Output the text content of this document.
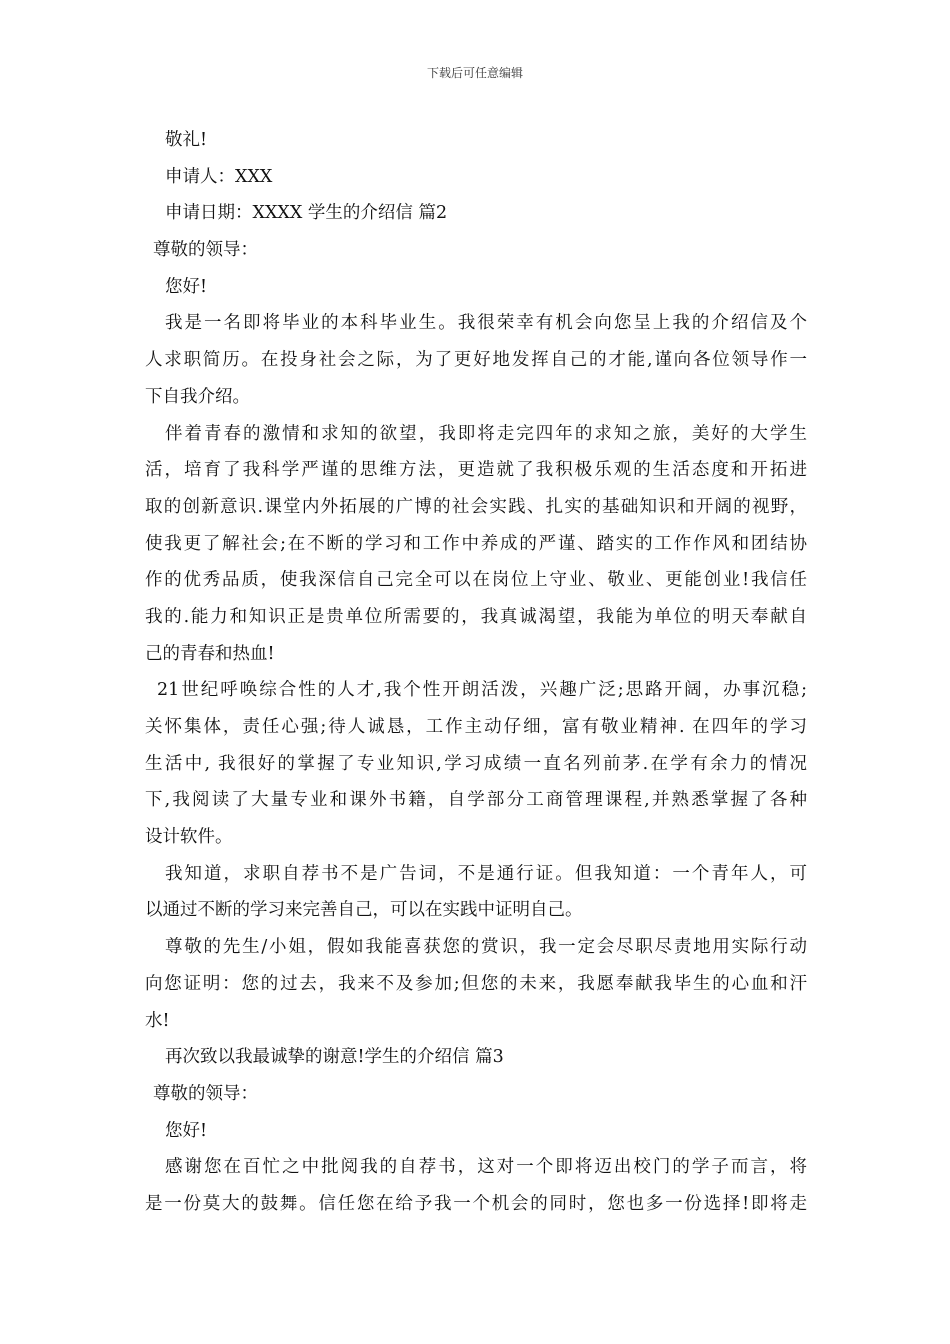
下载后可任意编辑
敬礼!
申请人：XXX
申请日期：XXXX 学生的介绍信 篇2
尊敬的领导：
您好!
我是一名即将毕业的本科毕业生。我很荣幸有机会向您呈上我的介绍信及个
人求职简历。在投身社会之际，为了更好地发挥自己的才能,谨向各位领导作一
下自我介绍。
伴着青春的激情和求知的欲望，我即将走完四年的求知之旅，美好的大学生
活，培育了我科学严谨的思维方法，更造就了我积极乐观的生活态度和开拓进
取的创新意识.课堂内外拓展的广博的社会实践、扎实的基础知识和开阔的视野，
使我更了解社会;在不断的学习和工作中养成的严谨、踏实的工作作风和团结协
作的优秀品质，使我深信自己完全可以在岗位上守业、敬业、更能创业!我信任
我的.能力和知识正是贵单位所需要的，我真诚渴望，我能为单位的明天奉献自
己的青春和热血!
21世纪呼唤综合性的人才,我个性开朗活泼，兴趣广泛;思路开阔，办事沉稳;
关怀集体，责任心强;待人诚恳，工作主动仔细，富有敬业精神. 在四年的学习
生活中, 我很好的掌握了专业知识,学习成绩一直名列前茅.在学有余力的情况
下,我阅读了大量专业和课外书籍，自学部分工商管理课程,并熟悉掌握了各种
设计软件。
我知道，求职自荐书不是广告词，不是通行证。但我知道：一个青年人，可
以通过不断的学习来完善自己，可以在实践中证明自己。
尊敬的先生/小姐，假如我能喜获您的赏识，我一定会尽职尽责地用实际行动
向您证明：您的过去，我来不及参加;但您的未来，我愿奉献我毕生的心血和汗
水!
再次致以我最诚挚的谢意!学生的介绍信 篇3
尊敬的领导：
您好!
感谢您在百忙之中批阅我的自荐书，这对一个即将迈出校门的学子而言，将
是一份莫大的鼓舞。信任您在给予我一个机会的同时，您也多一份选择!即将走
